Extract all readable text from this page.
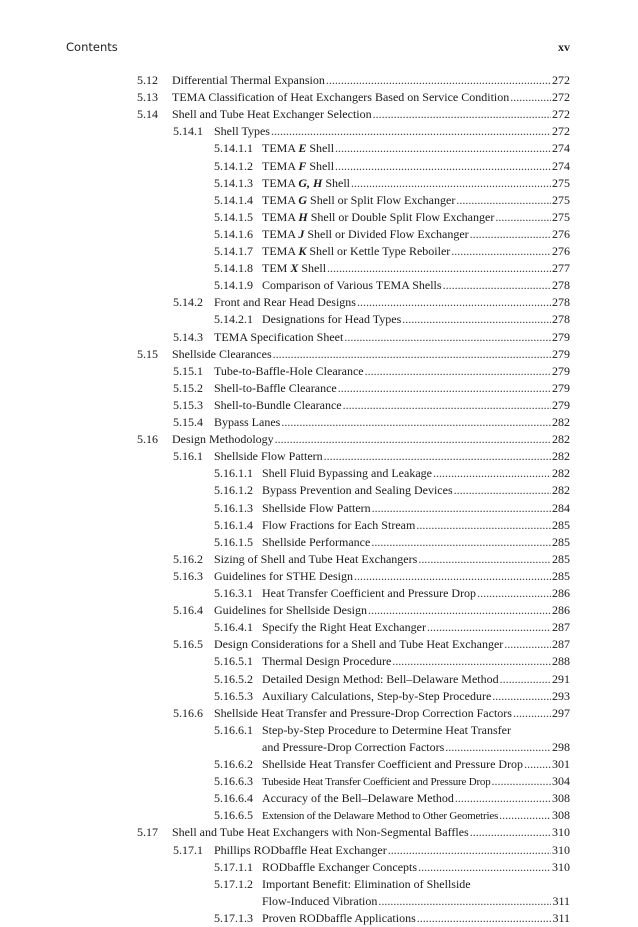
Contents	xv
5.12 Differential Thermal Expansion .....	272
5.13 TEMA Classification of Heat Exchangers Based on Service Condition .....	272
5.14 Shell and Tube Heat Exchanger Selection .....	272
5.14.1 Shell Types .....	272
5.14.1.1 TEMA E Shell .....	274
5.14.1.2 TEMA F Shell .....	274
5.14.1.3 TEMA G, H Shell .....	275
5.14.1.4 TEMA G Shell or Split Flow Exchanger .....	275
5.14.1.5 TEMA H Shell or Double Split Flow Exchanger .....	275
5.14.1.6 TEMA J Shell or Divided Flow Exchanger .....	276
5.14.1.7 TEMA K Shell or Kettle Type Reboiler .....	276
5.14.1.8 TEM X Shell .....	277
5.14.1.9 Comparison of Various TEMA Shells .....	278
5.14.2 Front and Rear Head Designs .....	278
5.14.2.1 Designations for Head Types .....	278
5.14.3 TEMA Specification Sheet .....	279
5.15 Shellside Clearances .....	279
5.15.1 Tube-to-Baffle-Hole Clearance .....	279
5.15.2 Shell-to-Baffle Clearance .....	279
5.15.3 Shell-to-Bundle Clearance .....	279
5.15.4 Bypass Lanes .....	282
5.16 Design Methodology .....	282
5.16.1 Shellside Flow Pattern .....	282
5.16.1.1 Shell Fluid Bypassing and Leakage .....	282
5.16.1.2 Bypass Prevention and Sealing Devices .....	282
5.16.1.3 Shellside Flow Pattern .....	284
5.16.1.4 Flow Fractions for Each Stream .....	285
5.16.1.5 Shellside Performance .....	285
5.16.2 Sizing of Shell and Tube Heat Exchangers .....	285
5.16.3 Guidelines for STHE Design .....	285
5.16.3.1 Heat Transfer Coefficient and Pressure Drop .....	286
5.16.4 Guidelines for Shellside Design .....	286
5.16.4.1 Specify the Right Heat Exchanger .....	287
5.16.5 Design Considerations for a Shell and Tube Heat Exchanger .....	287
5.16.5.1 Thermal Design Procedure .....	288
5.16.5.2 Detailed Design Method: Bell–Delaware Method .....	291
5.16.5.3 Auxiliary Calculations, Step-by-Step Procedure .....	293
5.16.6 Shellside Heat Transfer and Pressure-Drop Correction Factors .....	297
5.16.6.1 Step-by-Step Procedure to Determine Heat Transfer
and Pressure-Drop Correction Factors .....	298
5.16.6.2 Shellside Heat Transfer Coefficient and Pressure Drop ..... 301
5.16.6.3 Tubeside Heat Transfer Coefficient and Pressure Drop .....	304
5.16.6.4 Accuracy of the Bell–Delaware Method .....	308
5.16.6.5 Extension of the Delaware Method to Other Geometries .....	308
5.17 Shell and Tube Heat Exchangers with Non-Segmental Baffles .....	310
5.17.1 Phillips RODbaffle Heat Exchanger .....	310
5.17.1.1 RODbaffle Exchanger Concepts .....	310
5.17.1.2 Important Benefit: Elimination of Shellside
Flow-Induced Vibration .....	311
5.17.1.3 Proven RODbaffle Applications .....	311
